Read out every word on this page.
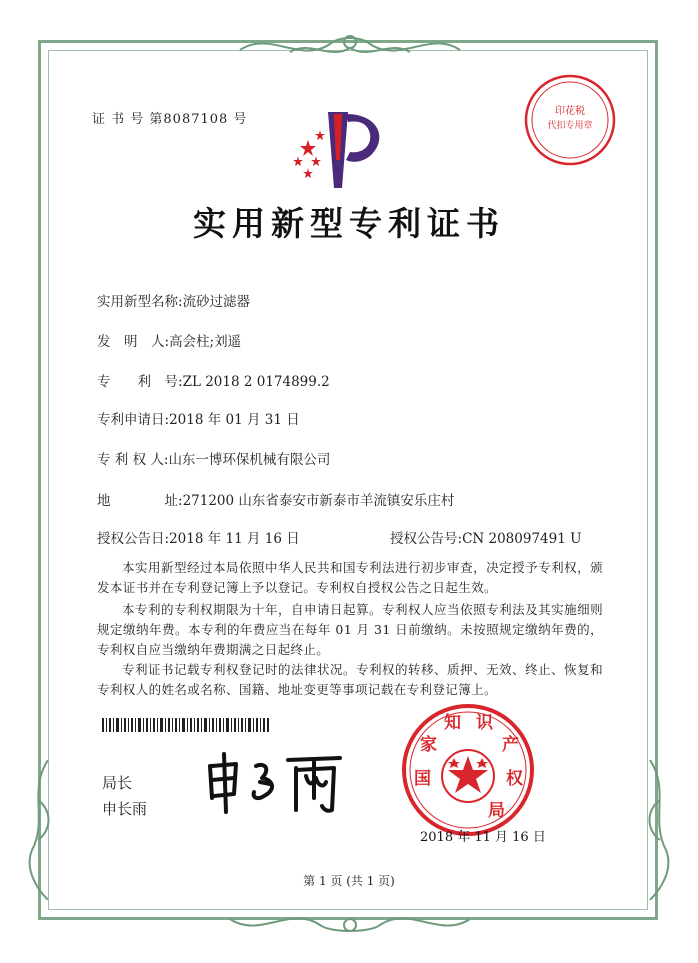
证 书 号 第8087108 号
印花税
代扣专用章
实用新型专利证书
实用新型名称:流砂过滤器
发　明　人:高会柱;刘遥
专　　利　号:ZL 2018 2 0174899.2
专利申请日:2018 年 01 月 31 日
专 利 权 人:山东一博环保机械有限公司
地　　　　址:271200 山东省泰安市新泰市羊流镇安乐庄村
授权公告日:2018 年 11 月 16 日	授权公告号:CN 208097491 U
本实用新型经过本局依照中华人民共和国专利法进行初步审查，决定授予专利权，颁发本证书并在专利登记簿上予以登记。专利权自授权公告之日起生效。
本专利的专利权期限为十年，自申请日起算。专利权人应当依照专利法及其实施细则规定缴纳年费。本专利的年费应当在每年 01 月 31 日前缴纳。未按照规定缴纳年费的，专利权自应当缴纳年费期满之日起终止。
专利证书记载专利权登记时的法律状况。专利权的转移、质押、无效、终止、恢复和专利权人的姓名或名称、国籍、地址变更等事项记载在专利登记簿上。
局长
申长雨
国
家
知 识
产
权
局
2018 年 11 月 16 日
第 1 页 (共 1 页)
